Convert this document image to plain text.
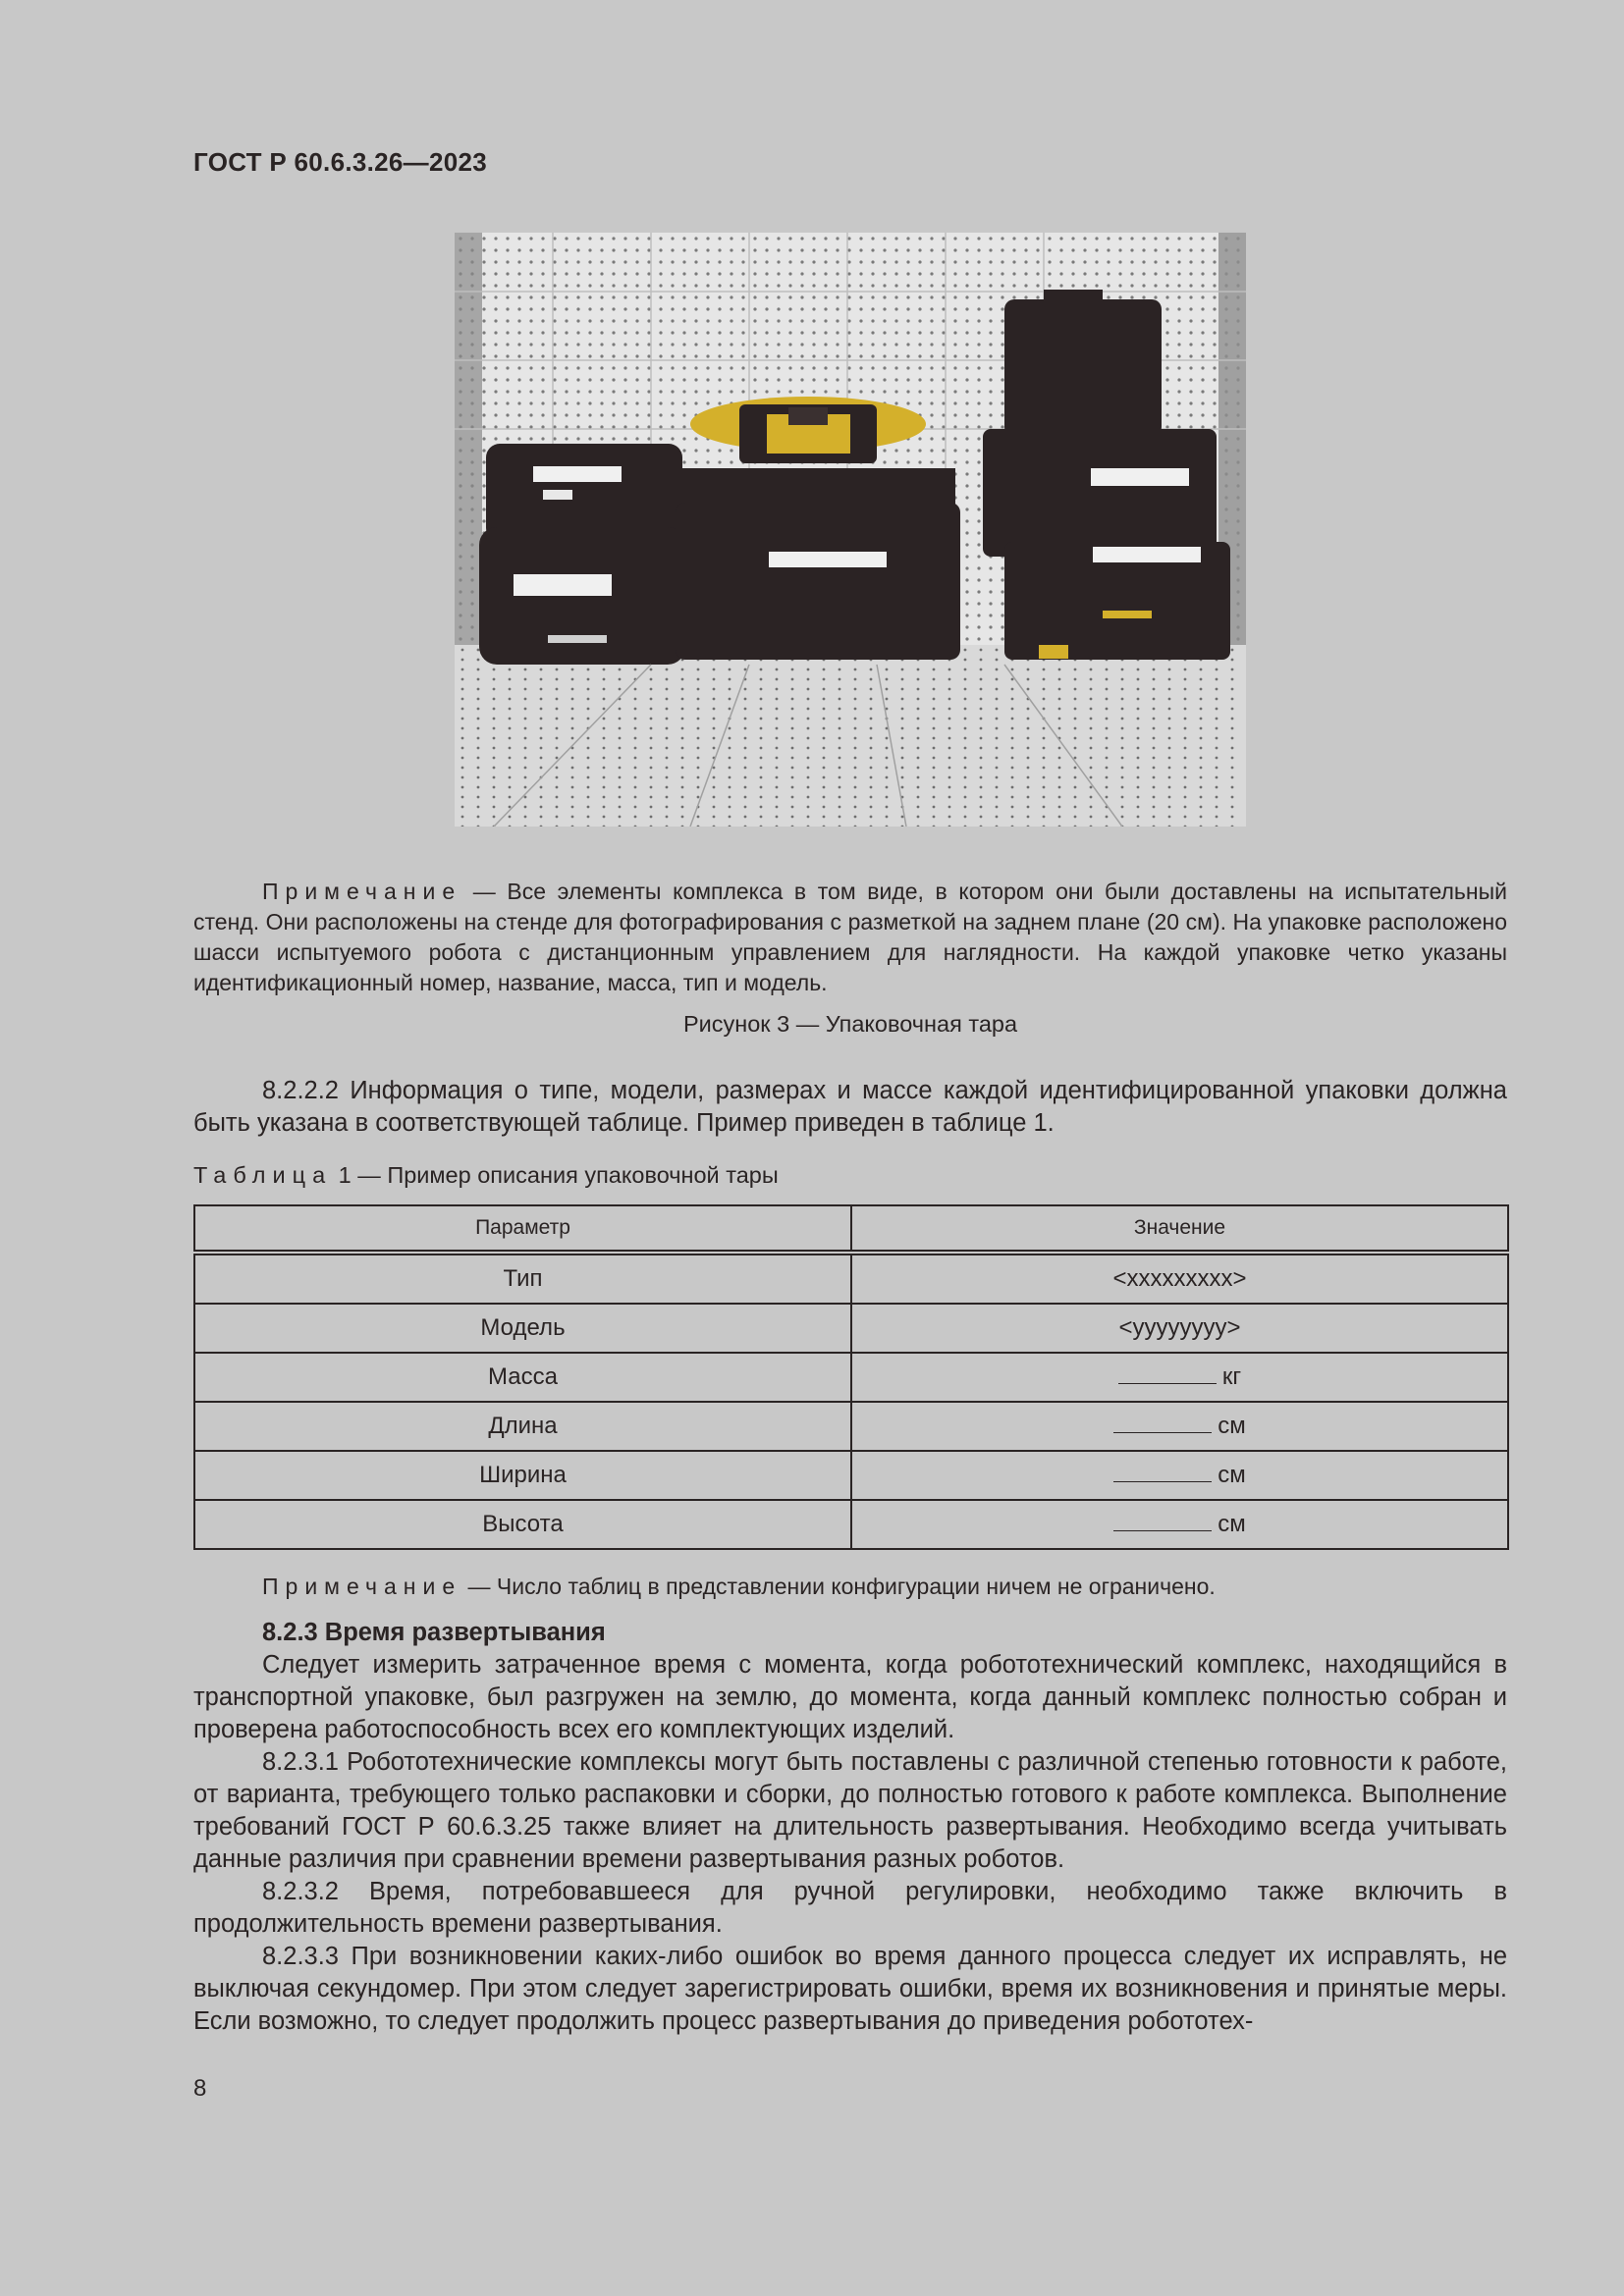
ГОСТ Р 60.6.3.26—2023
Примечание — Все элементы комплекса в том виде, в котором они были доставлены на испытательный стенд. Они расположены на стенде для фотографирования с разметкой на заднем плане (20 см). На упаковке расположено шасси испытуемого робота с дистанционным управлением для наглядности. На каждой упаковке четко указаны идентификационный номер, название, масса, тип и модель.
Рисунок 3 — Упаковочная тара
8.2.2.2 Информация о типе, модели, размерах и массе каждой идентифицированной упаковки должна быть указана в соответствующей таблице. Пример приведен в таблице 1.
Таблица 1 — Пример описания упаковочной тары
Параметр	Значение
Тип	<xxxxxxxxx>
Модель	<yyyyyyyy>
Масса	кг
Длина	см
Ширина	см
Высота	см
Примечание — Число таблиц в представлении конфигурации ничем не ограничено.
8.2.3 Время развертывания
Следует измерить затраченное время с момента, когда робототехнический комплекс, находящийся в транспортной упаковке, был разгружен на землю, до момента, когда данный комплекс полностью собран и проверена работоспособность всех его комплектующих изделий.
8.2.3.1 Робототехнические комплексы могут быть поставлены с различной степенью готовности к работе, от варианта, требующего только распаковки и сборки, до полностью готового к работе комплекса. Выполнение требований ГОСТ Р 60.6.3.25 также влияет на длительность развертывания. Необходимо всегда учитывать данные различия при сравнении времени развертывания разных роботов.
8.2.3.2 Время, потребовавшееся для ручной регулировки, необходимо также включить в продолжительность времени развертывания.
8.2.3.3 При возникновении каких-либо ошибок во время данного процесса следует их исправлять, не выключая секундомер. При этом следует зарегистрировать ошибки, время их возникновения и принятые меры. Если возможно, то следует продолжить процесс развертывания до приведения робототех-
8
